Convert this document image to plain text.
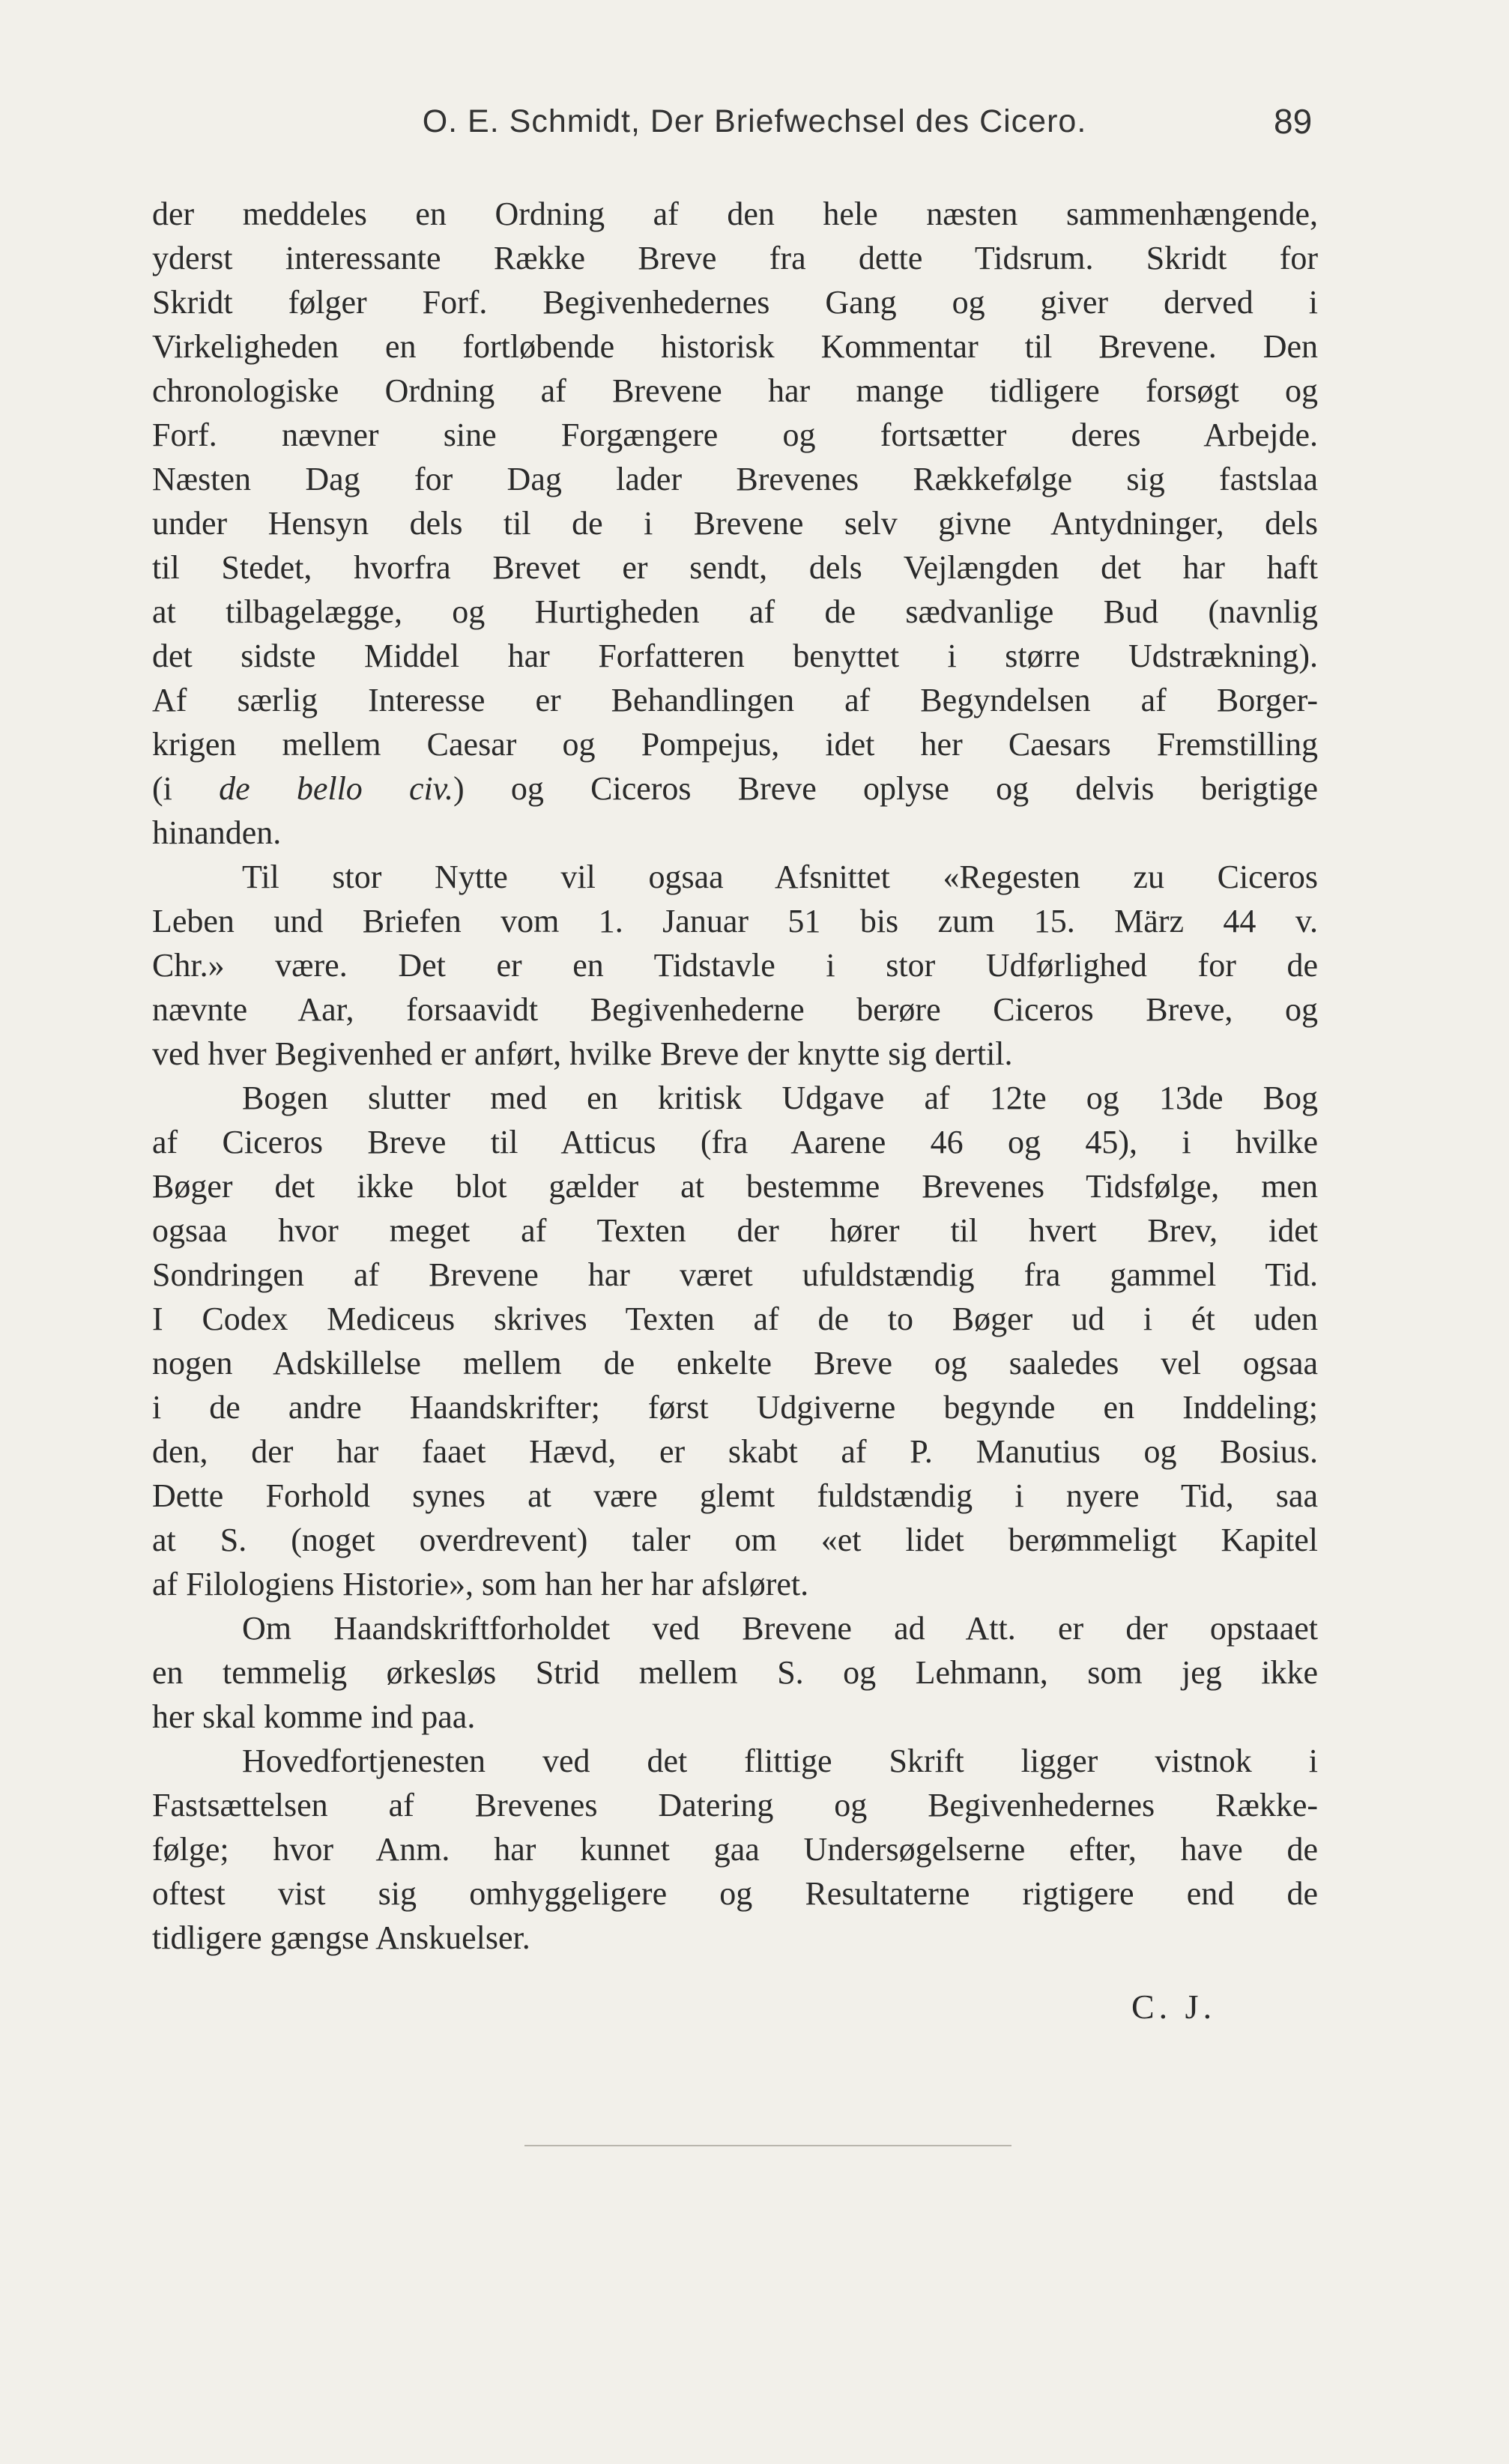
O. E. Schmidt, Der Briefwechsel des Cicero.	89
der meddeles en Ordning af den hele næsten sammenhængende,
yderst interessante Række Breve fra dette Tidsrum. Skridt for
Skridt følger Forf. Begivenhedernes Gang og giver derved i
Virkeligheden en fortløbende historisk Kommentar til Brevene. Den
chronologiske Ordning af Brevene har mange tidligere forsøgt og
Forf. nævner sine Forgængere og fortsætter deres Arbejde.
Næsten Dag for Dag lader Brevenes Rækkefølge sig fastslaa
under Hensyn dels til de i Brevene selv givne Antydninger, dels
til Stedet, hvorfra Brevet er sendt, dels Vejlængden det har haft
at tilbagelægge, og Hurtigheden af de sædvanlige Bud (navnlig
det sidste Middel har Forfatteren benyttet i større Udstrækning).
Af særlig Interesse er Behandlingen af Begyndelsen af Borger-
krigen mellem Caesar og Pompejus, idet her Caesars Fremstilling
(i de bello civ.) og Ciceros Breve oplyse og delvis berigtige
hinanden.
Til stor Nytte vil ogsaa Afsnittet «Regesten zu Ciceros
Leben und Briefen vom 1. Januar 51 bis zum 15. März 44 v.
Chr.» være. Det er en Tidstavle i stor Udførlighed for de
nævnte Aar, forsaavidt Begivenhederne berøre Ciceros Breve, og
ved hver Begivenhed er anført, hvilke Breve der knytte sig dertil.
Bogen slutter med en kritisk Udgave af 12te og 13de Bog
af Ciceros Breve til Atticus (fra Aarene 46 og 45), i hvilke
Bøger det ikke blot gælder at bestemme Brevenes Tidsfølge, men
ogsaa hvor meget af Texten der hører til hvert Brev, idet
Sondringen af Brevene har været ufuldstændig fra gammel Tid.
I Codex Mediceus skrives Texten af de to Bøger ud i ét uden
nogen Adskillelse mellem de enkelte Breve og saaledes vel ogsaa
i de andre Haandskrifter; først Udgiverne begynde en Inddeling;
den, der har faaet Hævd, er skabt af P. Manutius og Bosius.
Dette Forhold synes at være glemt fuldstændig i nyere Tid, saa
at S. (noget overdrevent) taler om «et lidet berømmeligt Kapitel
af Filologiens Historie», som han her har afsløret.
Om Haandskriftforholdet ved Brevene ad Att. er der opstaaet
en temmelig ørkesløs Strid mellem S. og Lehmann, som jeg ikke
her skal komme ind paa.
Hovedfortjenesten ved det flittige Skrift ligger vistnok i
Fastsættelsen af Brevenes Datering og Begivenhedernes Række-
følge; hvor Anm. har kunnet gaa Undersøgelserne efter, have de
oftest vist sig omhyggeligere og Resultaterne rigtigere end de
tidligere gængse Anskuelser.
C. J.
